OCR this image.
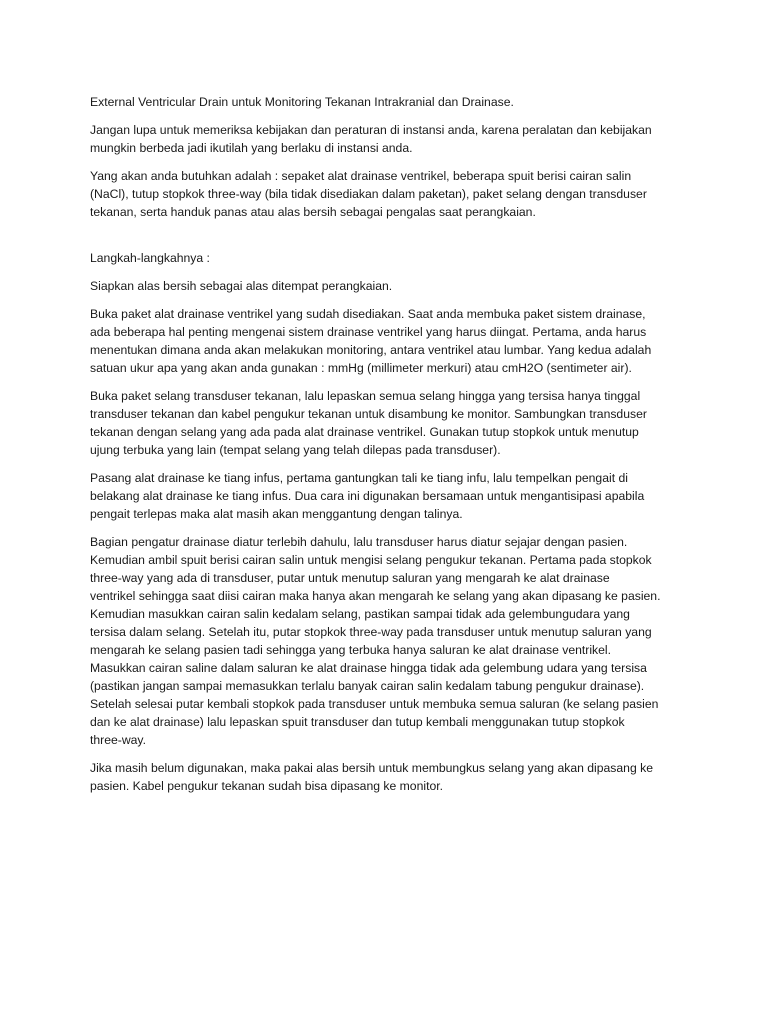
External Ventricular Drain untuk Monitoring Tekanan Intrakranial dan Drainase.

Jangan lupa untuk memeriksa kebijakan dan peraturan di instansi anda, karena peralatan dan kebijakan
mungkin berbeda jadi ikutilah yang berlaku di instansi anda.

Yang akan anda butuhkan adalah : sepaket alat drainase ventrikel, beberapa spuit berisi cairan salin
(NaCl), tutup stopkok three-way (bila tidak disediakan dalam paketan), paket selang dengan transduser
tekanan, serta handuk panas atau alas bersih sebagai pengalas saat perangkaian.

Langkah-langkahnya :

Siapkan alas bersih sebagai alas ditempat perangkaian.

Buka paket alat drainase ventrikel yang sudah disediakan. Saat anda membuka paket sistem drainase,
ada beberapa hal penting mengenai sistem drainase ventrikel yang harus diingat. Pertama, anda harus
menentukan dimana anda akan melakukan monitoring, antara ventrikel atau lumbar. Yang kedua adalah
satuan ukur apa yang akan anda gunakan : mmHg (millimeter merkuri) atau cmH2O (sentimeter air).

Buka paket selang transduser tekanan, lalu lepaskan semua selang hingga yang tersisa hanya tinggal
transduser tekanan dan kabel pengukur tekanan untuk disambung ke monitor. Sambungkan transduser
tekanan dengan selang yang ada pada alat drainase ventrikel. Gunakan tutup stopkok untuk menutup
ujung terbuka yang lain (tempat selang yang telah dilepas pada transduser).

Pasang alat drainase ke tiang infus, pertama gantungkan tali ke tiang infu, lalu tempelkan pengait di
belakang alat drainase ke tiang infus. Dua cara ini digunakan bersamaan untuk mengantisipasi apabila
pengait terlepas maka alat masih akan menggantung dengan talinya.

Bagian pengatur drainase diatur terlebih dahulu, lalu transduser harus diatur sejajar dengan pasien.
Kemudian ambil spuit berisi cairan salin untuk mengisi selang pengukur tekanan. Pertama pada stopkok
three-way yang ada di transduser, putar untuk menutup saluran yang mengarah ke alat drainase
ventrikel sehingga saat diisi cairan maka hanya akan mengarah ke selang yang akan dipasang ke pasien.
Kemudian masukkan cairan salin kedalam selang, pastikan sampai tidak ada gelembungudara yang
tersisa dalam selang. Setelah itu, putar stopkok three-way pada transduser untuk menutup saluran yang
mengarah ke selang pasien tadi sehingga yang terbuka hanya saluran ke alat drainase ventrikel.
Masukkan cairan saline dalam saluran ke alat drainase hingga tidak ada gelembung udara yang tersisa
(pastikan jangan sampai memasukkan terlalu banyak cairan salin kedalam tabung pengukur drainase).
Setelah selesai putar kembali stopkok pada transduser untuk membuka semua saluran (ke selang pasien
dan ke alat drainase) lalu lepaskan spuit transduser dan tutup kembali menggunakan tutup stopkok
three-way.

Jika masih belum digunakan, maka pakai alas bersih untuk membungkus selang yang akan dipasang ke
pasien. Kabel pengukur tekanan sudah bisa dipasang ke monitor.
